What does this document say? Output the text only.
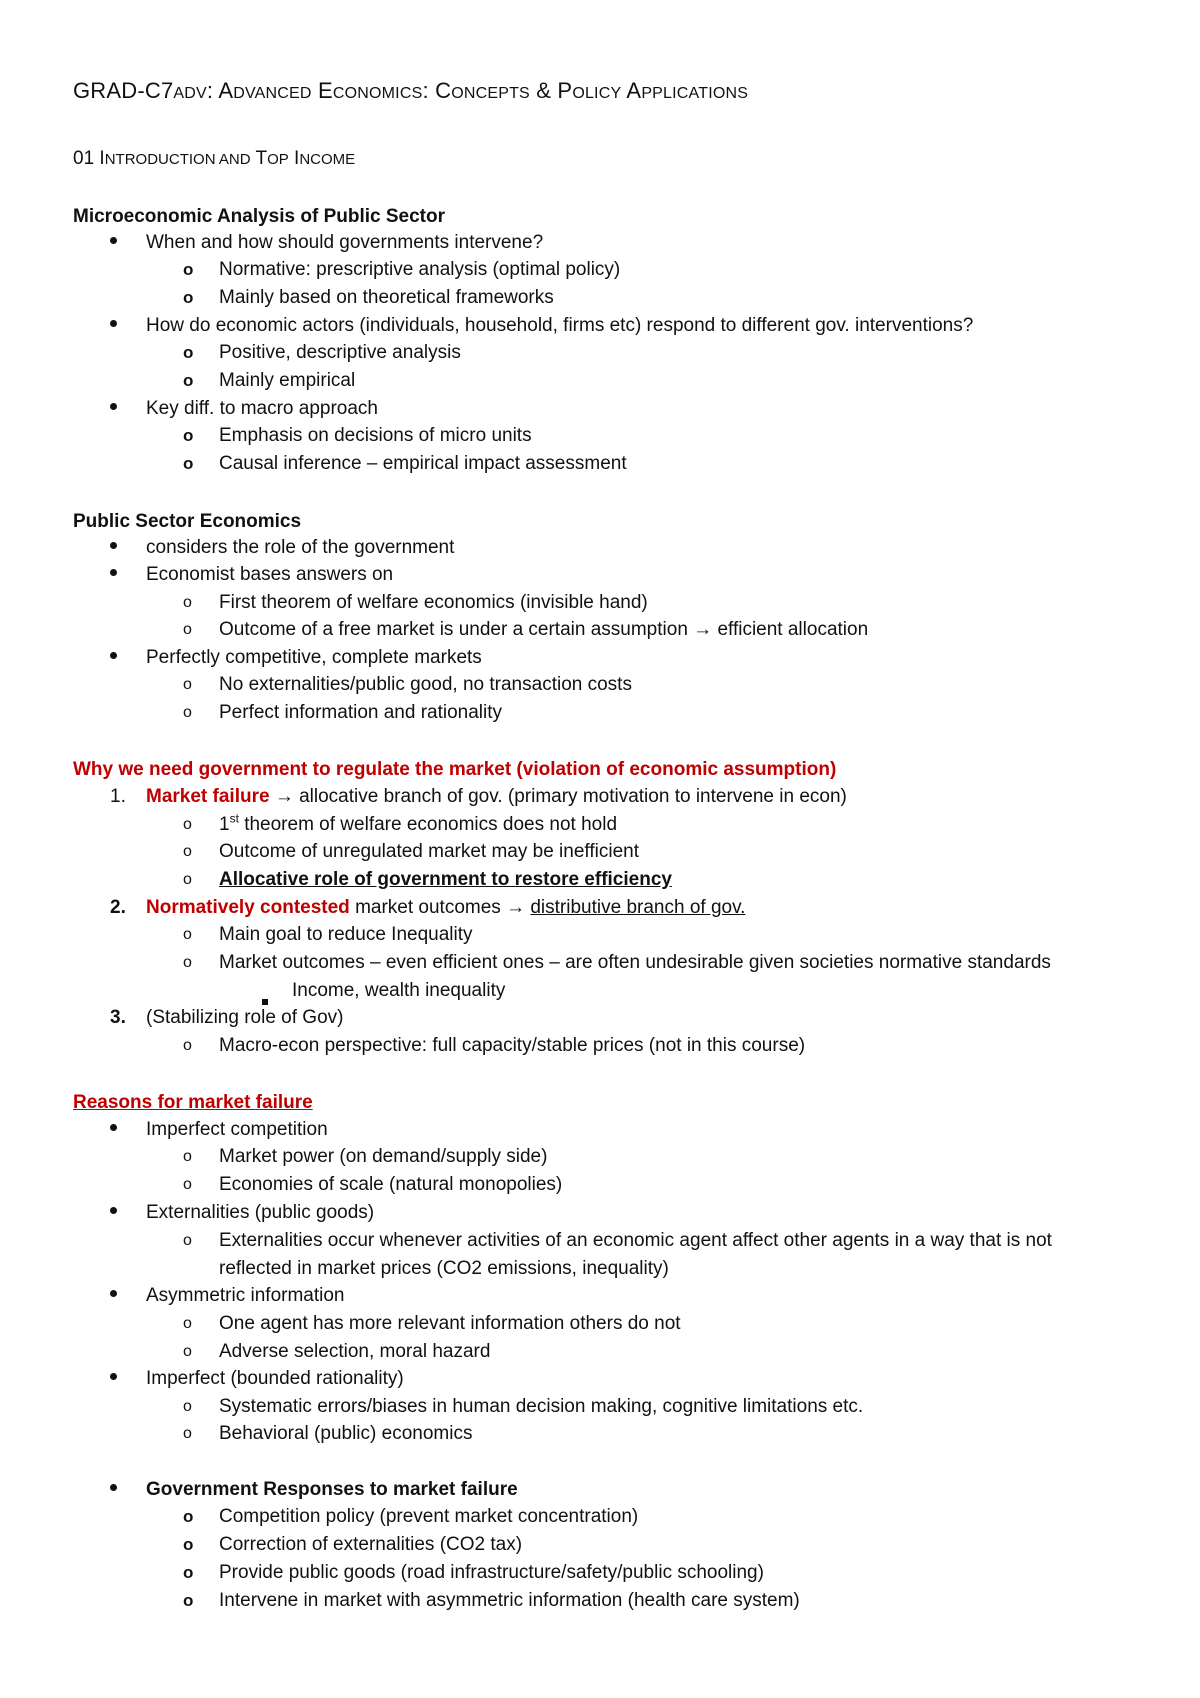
GRAD-C7ADV: ADVANCED ECONOMICS: CONCEPTS & POLICY APPLICATIONS
01 INTRODUCTION AND TOP INCOME
Microeconomic Analysis of Public Sector
When and how should governments intervene?
o Normative: prescriptive analysis (optimal policy)
o Mainly based on theoretical frameworks
How do economic actors (individuals, household, firms etc) respond to different gov. interventions?
o Positive, descriptive analysis
o Mainly empirical
Key diff. to macro approach
o Emphasis on decisions of micro units
o Causal inference – empirical impact assessment
Public Sector Economics
considers the role of the government
Economist bases answers on
o First theorem of welfare economics (invisible hand)
o Outcome of a free market is under a certain assumption → efficient allocation
Perfectly competitive, complete markets
o No externalities/public good, no transaction costs
o Perfect information and rationality
Why we need government to regulate the market (violation of economic assumption)
1. Market failure → allocative branch of gov. (primary motivation to intervene in econ)
o 1st theorem of welfare economics does not hold
o Outcome of unregulated market may be inefficient
o Allocative role of government to restore efficiency
2. Normatively contested market outcomes → distributive branch of gov.
o Main goal to reduce Inequality
o Market outcomes – even efficient ones – are often undesirable given societies normative standards
Income, wealth inequality
3. (Stabilizing role of Gov)
o Macro-econ perspective: full capacity/stable prices (not in this course)
Reasons for market failure
Imperfect competition
o Market power (on demand/supply side)
o Economies of scale (natural monopolies)
Externalities (public goods)
o Externalities occur whenever activities of an economic agent affect other agents in a way that is not
reflected in market prices (CO2 emissions, inequality)
Asymmetric information
o One agent has more relevant information others do not
o Adverse selection, moral hazard
Imperfect (bounded rationality)
o Systematic errors/biases in human decision making, cognitive limitations etc.
o Behavioral (public) economics
Government Responses to market failure
o Competition policy (prevent market concentration)
o Correction of externalities (CO2 tax)
o Provide public goods (road infrastructure/safety/public schooling)
o Intervene in market with asymmetric information (health care system)
